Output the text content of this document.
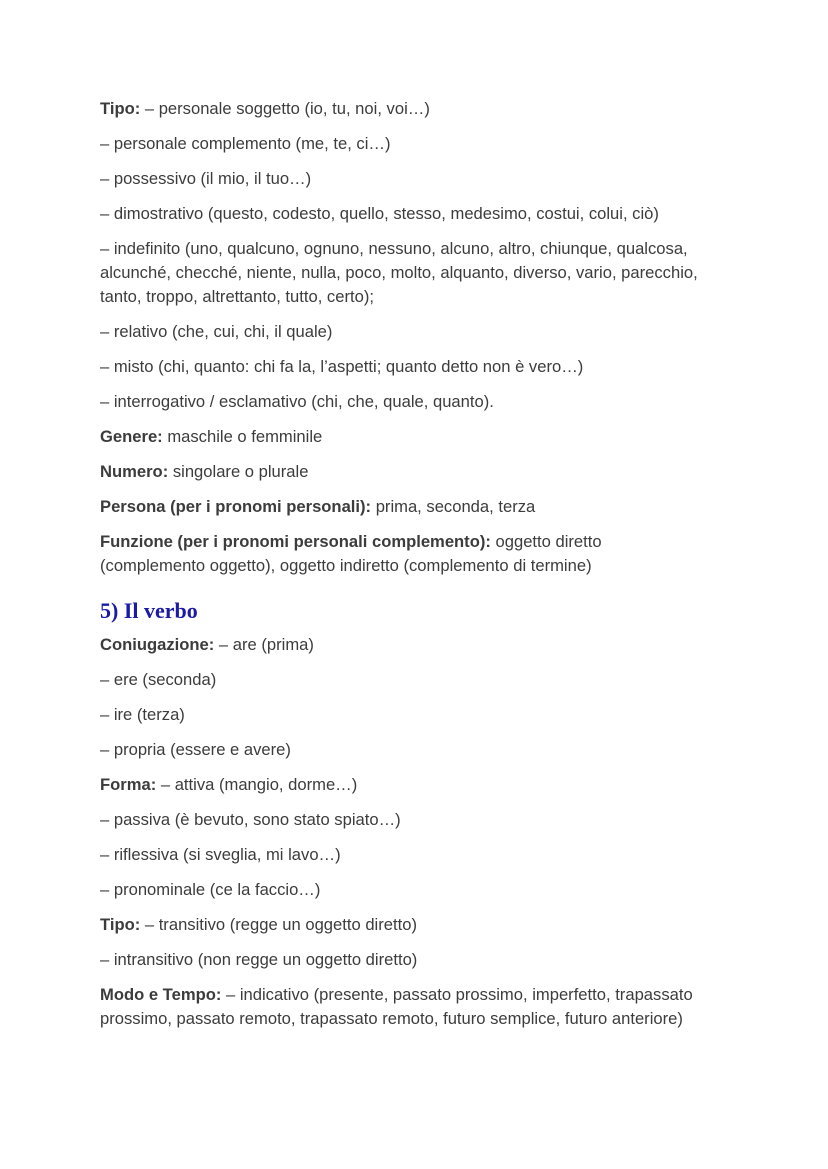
Tipo: – personale soggetto (io, tu, noi, voi…)

– personale complemento (me, te, ci…)

– possessivo (il mio, il tuo…)

– dimostrativo (questo, codesto, quello, stesso, medesimo, costui, colui, ciò)

– indefinito (uno, qualcuno, ognuno, nessuno, alcuno, altro, chiunque, qualcosa, alcunché, checché, niente, nulla, poco, molto, alquanto, diverso, vario, parecchio, tanto, troppo, altrettanto, tutto, certo);

– relativo (che, cui, chi, il quale)

– misto (chi, quanto: chi fa la, l’aspetti; quanto detto non è vero…)

– interrogativo / esclamativo (chi, che, quale, quanto).

Genere: maschile o femminile

Numero: singolare o plurale

Persona (per i pronomi personali): prima, seconda, terza

Funzione (per i pronomi personali complemento): oggetto diretto (complemento oggetto), oggetto indiretto (complemento di termine)

5) Il verbo

Coniugazione: – are (prima)

– ere (seconda)

– ire (terza)

– propria (essere e avere)

Forma: – attiva (mangio, dorme…)

– passiva (è bevuto, sono stato spiato…)

– riflessiva (si sveglia, mi lavo…)

– pronominale (ce la faccio…)

Tipo: – transitivo (regge un oggetto diretto)

– intransitivo (non regge un oggetto diretto)

Modo e Tempo: – indicativo (presente, passato prossimo, imperfetto, trapassato prossimo, passato remoto, trapassato remoto, futuro semplice, futuro anteriore)
